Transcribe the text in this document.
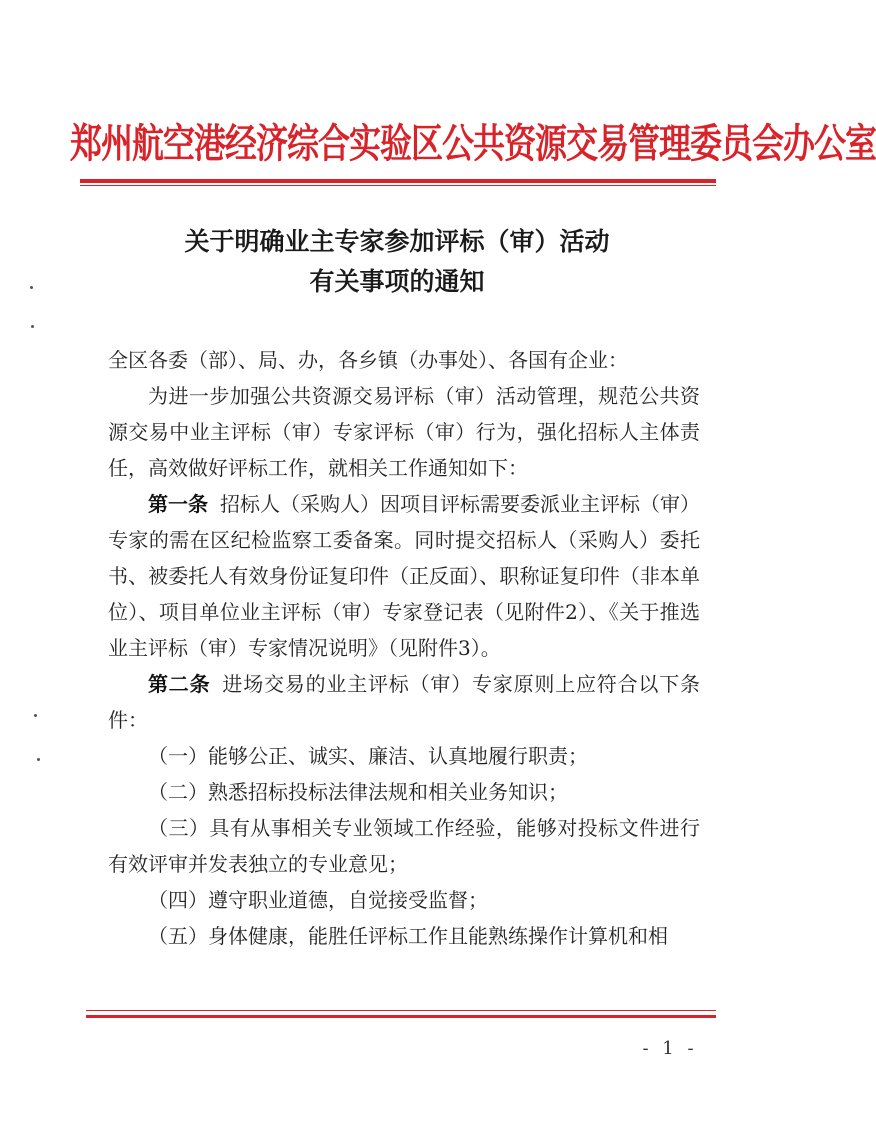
郑州航空港经济综合实验区公共资源交易管理委员会办公室
关于明确业主专家参加评标（审）活动
有关事项的通知

全区各委（部）、局、办，各乡镇（办事处）、各国有企业：

为进一步加强公共资源交易评标（审）活动管理，规范公共资源交易中业主评标（审）专家评标（审）行为，强化招标人主体责任，高效做好评标工作，就相关工作通知如下：

第一条 招标人（采购人）因项目评标需要委派业主评标（审）专家的需在区纪检监察工委备案。同时提交招标人（采购人）委托书、被委托人有效身份证复印件（正反面）、职称证复印件（非本单位）、项目单位业主评标（审）专家登记表（见附件2）、《关于推选业主评标（审）专家情况说明》（见附件3）。

第二条 进场交易的业主评标（审）专家原则上应符合以下条件：

（一）能够公正、诚实、廉洁、认真地履行职责；

（二）熟悉招标投标法律法规和相关业务知识；

（三）具有从事相关专业领域工作经验，能够对投标文件进行有效评审并发表独立的专业意见；

（四）遵守职业道德，自觉接受监督；

（五）身体健康，能胜任评标工作且能熟练操作计算机和相

- 1 -
